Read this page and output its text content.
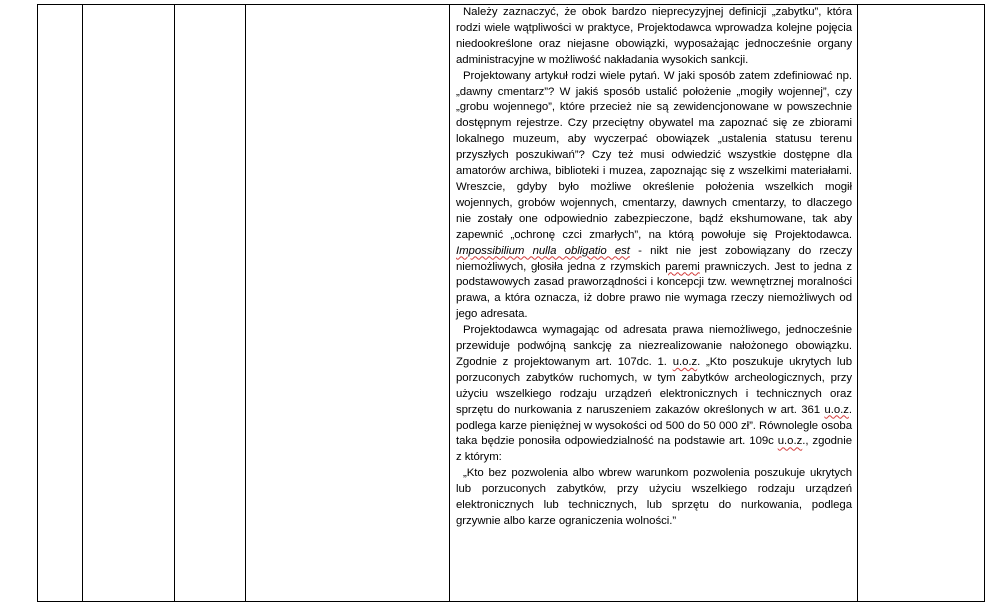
Należy zaznaczyć, że obok bardzo nieprecyzyjnej definicji „zabytku”, która rodzi wiele wątpliwości w praktyce, Projektodawca wprowadza kolejne pojęcia niedookreślone oraz niejasne obowiązki, wyposażając jednocześnie organy administracyjne w możliwość nakładania wysokich sankcji.

Projektowany artykuł rodzi wiele pytań. W jaki sposób zatem zdefiniować np. „dawny cmentarz”? W jakiś sposób ustalić położenie „mogiły wojennej”, czy „grobu wojennego”, które przecież nie są zewidencjonowane w powszechnie dostępnym rejestrze. Czy przeciętny obywatel ma zapoznać się ze zbiorami lokalnego muzeum, aby wyczerpać obowiązek „ustalenia statusu terenu przyszłych poszukiwań”? Czy też musi odwiedzić wszystkie dostępne dla amatorów archiwa, biblioteki i muzea, zapoznając się z wszelkimi materiałami. Wreszcie, gdyby było możliwe określenie położenia wszelkich mogił wojennych, grobów wojennych, cmentarzy, dawnych cmentarzy, to dlaczego nie zostały one odpowiednio zabezpieczone, bądź ekshumowane, tak aby zapewnić „ochronę czci zmarłych”, na którą powołuje się Projektodawca. Impossibilium nulla obligatio est - nikt nie jest zobowiązany do rzeczy niemożliwych, głosiła jedna z rzymskich paremi prawniczych. Jest to jedna z podstawowych zasad praworządności i koncepcji tzw. wewnętrznej moralności prawa, a która oznacza, iż dobre prawo nie wymaga rzeczy niemożliwych od jego adresata.

Projektodawca wymagając od adresata prawa niemożliwego, jednocześnie przewiduje podwójną sankcję za niezrealizowanie nałożonego obowiązku. Zgodnie z projektowanym art. 107dc. 1. u.o.z. „Kto poszukuje ukrytych lub porzuconych zabytków ruchomych, w tym zabytków archeologicznych, przy użyciu wszelkiego rodzaju urządzeń elektronicznych i technicznych oraz sprzętu do nurkowania z naruszeniem zakazów określonych w art. 361 u.o.z. podlega karze pieniężnej w wysokości od 500 do 50 000 zł”. Równolegle osoba taka będzie ponosiła odpowiedzialność na podstawie art. 109c u.o.z., zgodnie z którym:

„Kto bez pozwolenia albo wbrew warunkom pozwolenia poszukuje ukrytych lub porzuconych zabytków, przy użyciu wszelkiego rodzaju urządzeń elektronicznych lub technicznych, lub sprzętu do nurkowania, podlega grzywnie albo karze ograniczenia wolności.”
